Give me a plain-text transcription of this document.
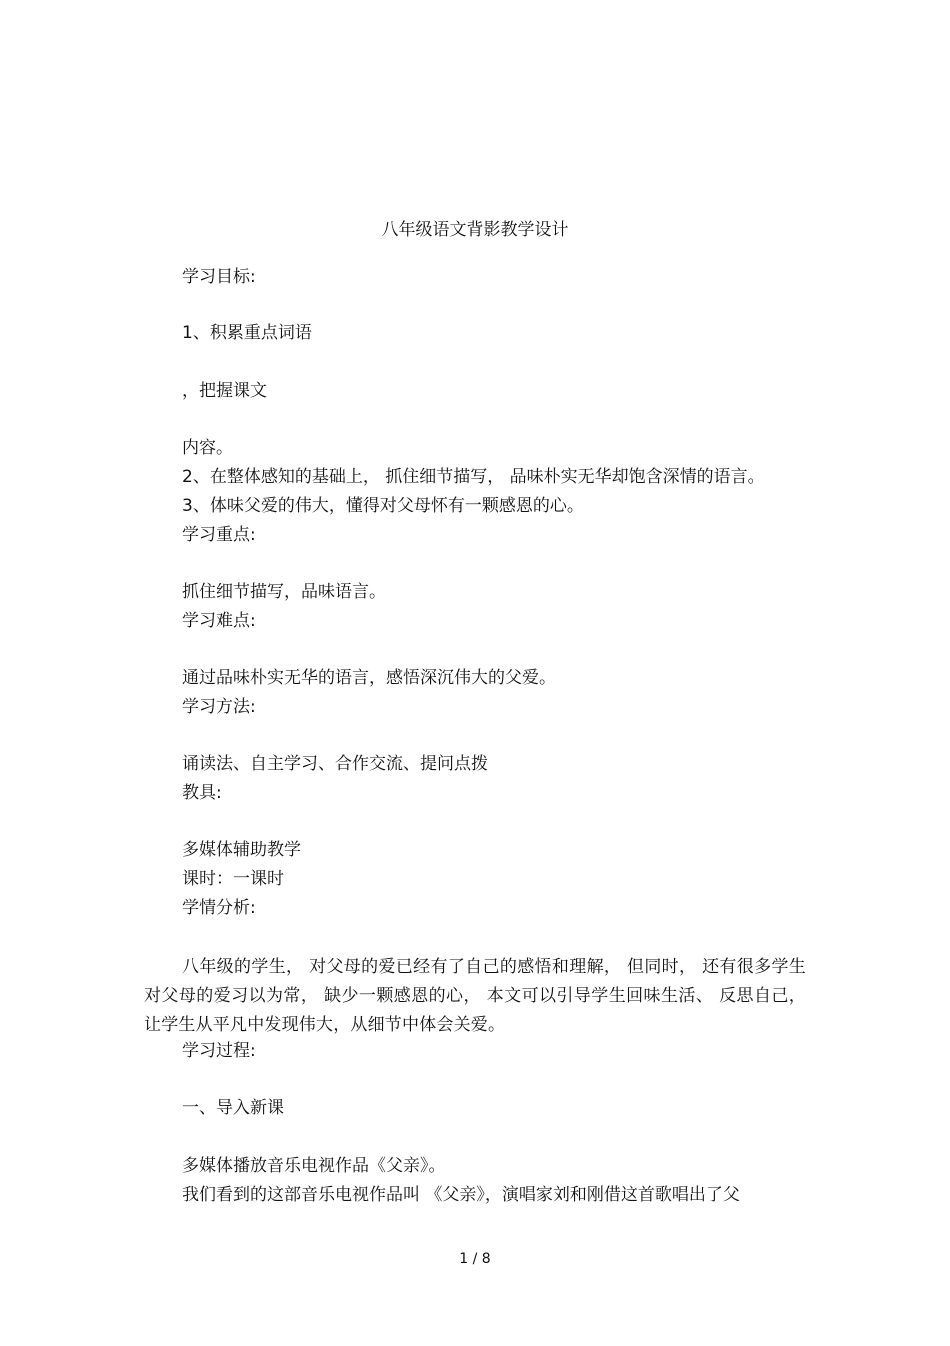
八年级语文背影教学设计
学习目标:
1、积累重点词语
，把握课文
内容。
2、在整体感知的基础上， 抓住细节描写， 品味朴实无华却饱含深情的语言。
3、体味父爱的伟大，懂得对父母怀有一颗感恩的心。
学习重点:
抓住细节描写，品味语言。
学习难点:
通过品味朴实无华的语言，感悟深沉伟大的父爱。
学习方法:
诵读法、自主学习、合作交流、提问点拨
教具:
多媒体辅助教学
课时：一课时
学情分析:
八年级的学生， 对父母的爱已经有了自己的感悟和理解， 但同时， 还有很多学生对父母的爱习以为常， 缺少一颗感恩的心， 本文可以引导学生回味生活、 反思自己，让学生从平凡中发现伟大，从细节中体会关爱。
学习过程:
一、导入新课
多媒体播放音乐电视作品《父亲》。
我们看到的这部音乐电视作品叫 《父亲》，演唱家刘和刚借这首歌唱出了父
1 / 8
